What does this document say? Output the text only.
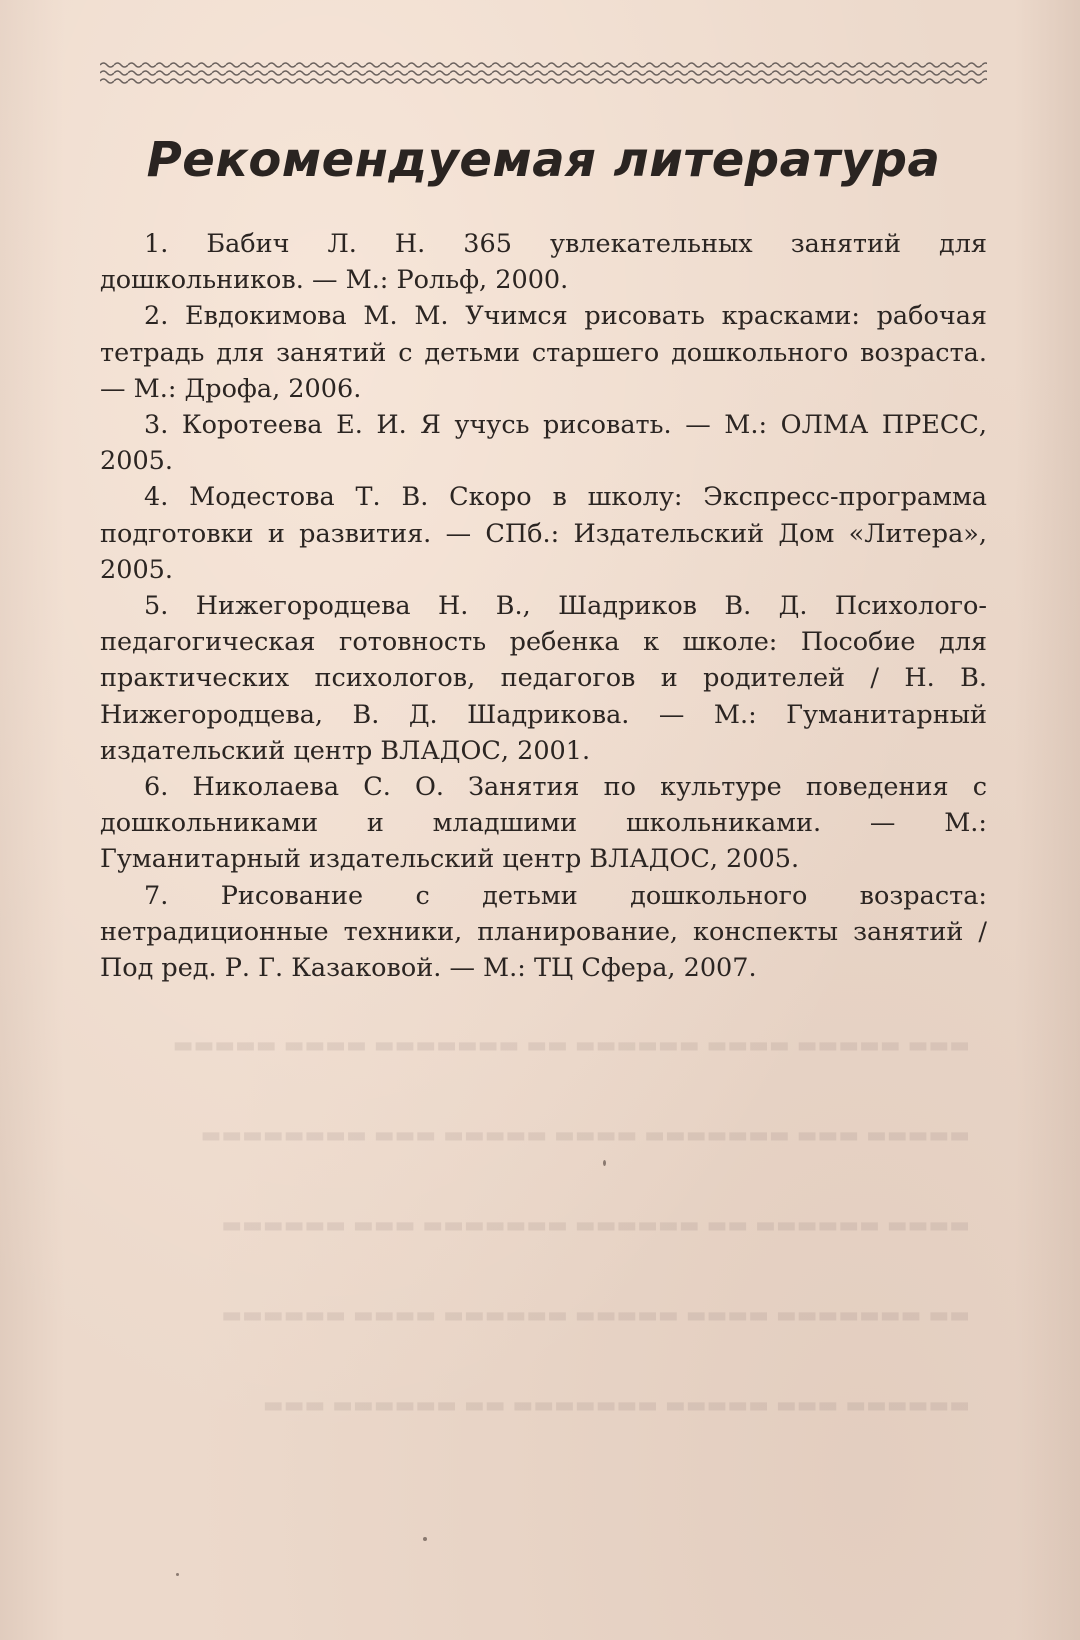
▬▬▬ ▬▬▬▬▬ ▬▬▬▬ ▬▬▬▬▬▬ ▬▬ ▬▬▬▬▬▬▬ ▬▬▬▬ ▬▬▬▬▬
▬▬▬▬▬ ▬▬▬ ▬▬▬▬▬▬▬ ▬▬▬▬ ▬▬▬▬▬ ▬▬▬ ▬▬▬▬▬▬▬▬
▬▬▬▬ ▬▬▬▬▬▬ ▬▬ ▬▬▬▬▬▬ ▬▬▬▬▬▬▬ ▬▬▬ ▬▬▬▬▬▬
▬▬ ▬▬▬▬▬▬▬ ▬▬▬▬ ▬▬▬▬▬ ▬▬▬▬▬▬ ▬▬▬▬ ▬▬▬▬▬▬
▬▬▬▬▬▬ ▬▬▬ ▬▬▬▬▬ ▬▬▬▬▬▬▬ ▬▬ ▬▬▬▬▬▬ ▬▬▬
Рекомендуемая литература
1. Бабич Л. Н. 365 увлекательных занятий для дошкольников. — М.: Рольф, 2000.
2. Евдокимова М. М. Учимся рисовать красками: рабочая тетрадь для занятий с детьми старшего дошкольного возраста. — М.: Дрофа, 2006.
3. Коротеева Е. И. Я учусь рисовать. — М.: ОЛМА ПРЕСС, 2005.
4. Модестова Т. В. Скоро в школу: Экспресс-программа подготовки и развития. — СПб.: Издательский Дом «Литера», 2005.
5. Нижегородцева Н. В., Шадриков В. Д. Психолого-педагогическая готовность ребенка к школе: Пособие для практических психологов, педагогов и родителей / Н. В. Нижегородцева, В. Д. Шадрикова. — М.: Гуманитарный издательский центр ВЛАДОС, 2001.
6. Николаева С. О. Занятия по культуре поведения с дошкольниками и младшими школьниками. — М.: Гуманитарный издательский центр ВЛАДОС, 2005.
7. Рисование с детьми дошкольного возраста: нетрадиционные техники, планирование, конспекты занятий / Под ред. Р. Г. Казаковой. — М.: ТЦ Сфера, 2007.
